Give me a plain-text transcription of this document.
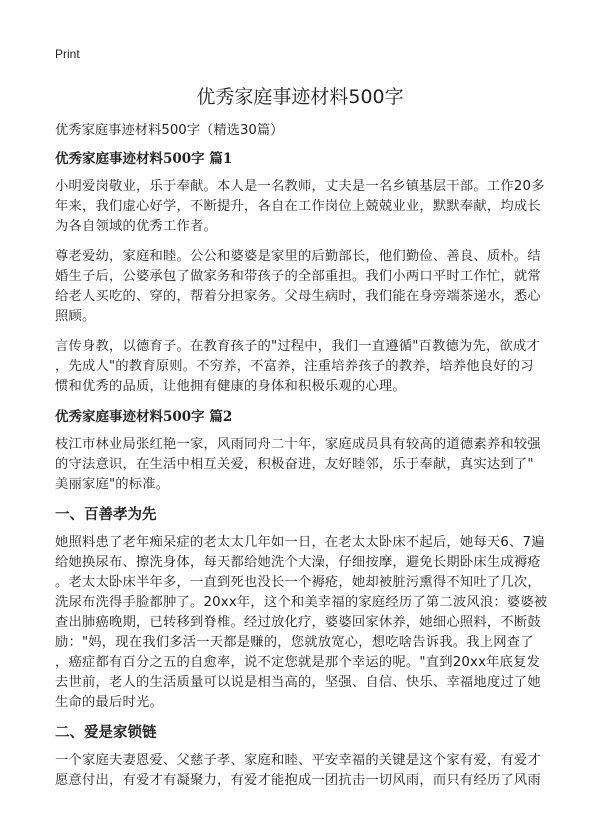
Print
优秀家庭事迹材料500字
优秀家庭事迹材料500字（精选30篇）
优秀家庭事迹材料500字 篇1
小明爱岗敬业，乐于奉献。本人是一名教师，丈夫是一名乡镇基层干部。工作20多
年来，我们虚心好学，不断提升，各自在工作岗位上兢兢业业，默默奉献，均成长
为各自领域的优秀工作者。
尊老爱幼，家庭和睦。公公和婆婆是家里的后勤部长，他们勤俭、善良、质朴。结
婚生子后，公婆承包了做家务和带孩子的全部重担。我们小两口平时工作忙，就常
给老人买吃的、穿的，帮着分担家务。父母生病时，我们能在身旁端茶递水，悉心
照顾。
言传身教，以德育子。在教育孩子的"过程中，我们一直遵循"百教德为先，欲成才
，先成人"的教育原则。不穷养，不富养，注重培养孩子的教养，培养他良好的习
惯和优秀的品质，让他拥有健康的身体和积极乐观的心理。
优秀家庭事迹材料500字 篇2
枝江市林业局张红艳一家，风雨同舟二十年，家庭成员具有较高的道德素养和较强
的守法意识，在生活中相互关爱，积极奋进，友好睦邻，乐于奉献，真实达到了"
美丽家庭"的标准。
一、百善孝为先
她照料患了老年痴呆症的老太太几年如一日，在老太太卧床不起后，她每天6、7遍
给她换尿布、擦洗身体，每天都给她洗个大澡，仔细按摩，避免长期卧床生成褥疮
。老太太卧床半年多，一直到死也没长一个褥疮，她却被脏污熏得不知吐了几次，
洗尿布洗得手脸都肿了。20xx年，这个和美幸福的家庭经历了第二波风浪：婆婆被
查出肺癌晚期，已转移到脊椎。经过放化疗，婆婆回家休养，她细心照料，不断鼓
励："妈，现在我们多活一天都是赚的，您就放宽心，想吃啥告诉我。我上网查了
，癌症都有百分之五的自愈率，说不定您就是那个幸运的呢。"直到20xx年底复发
去世前，老人的生活质量可以说是相当高的，坚强、自信、快乐、幸福地度过了她
生命的最后时光。
二、爱是家锁链
一个家庭夫妻恩爱、父慈子孝、家庭和睦、平安幸福的关键是这个家有爱，有爱才
愿意付出，有爱才有凝聚力，有爱才能抱成一团抗击一切风雨，而只有经历了风雨
